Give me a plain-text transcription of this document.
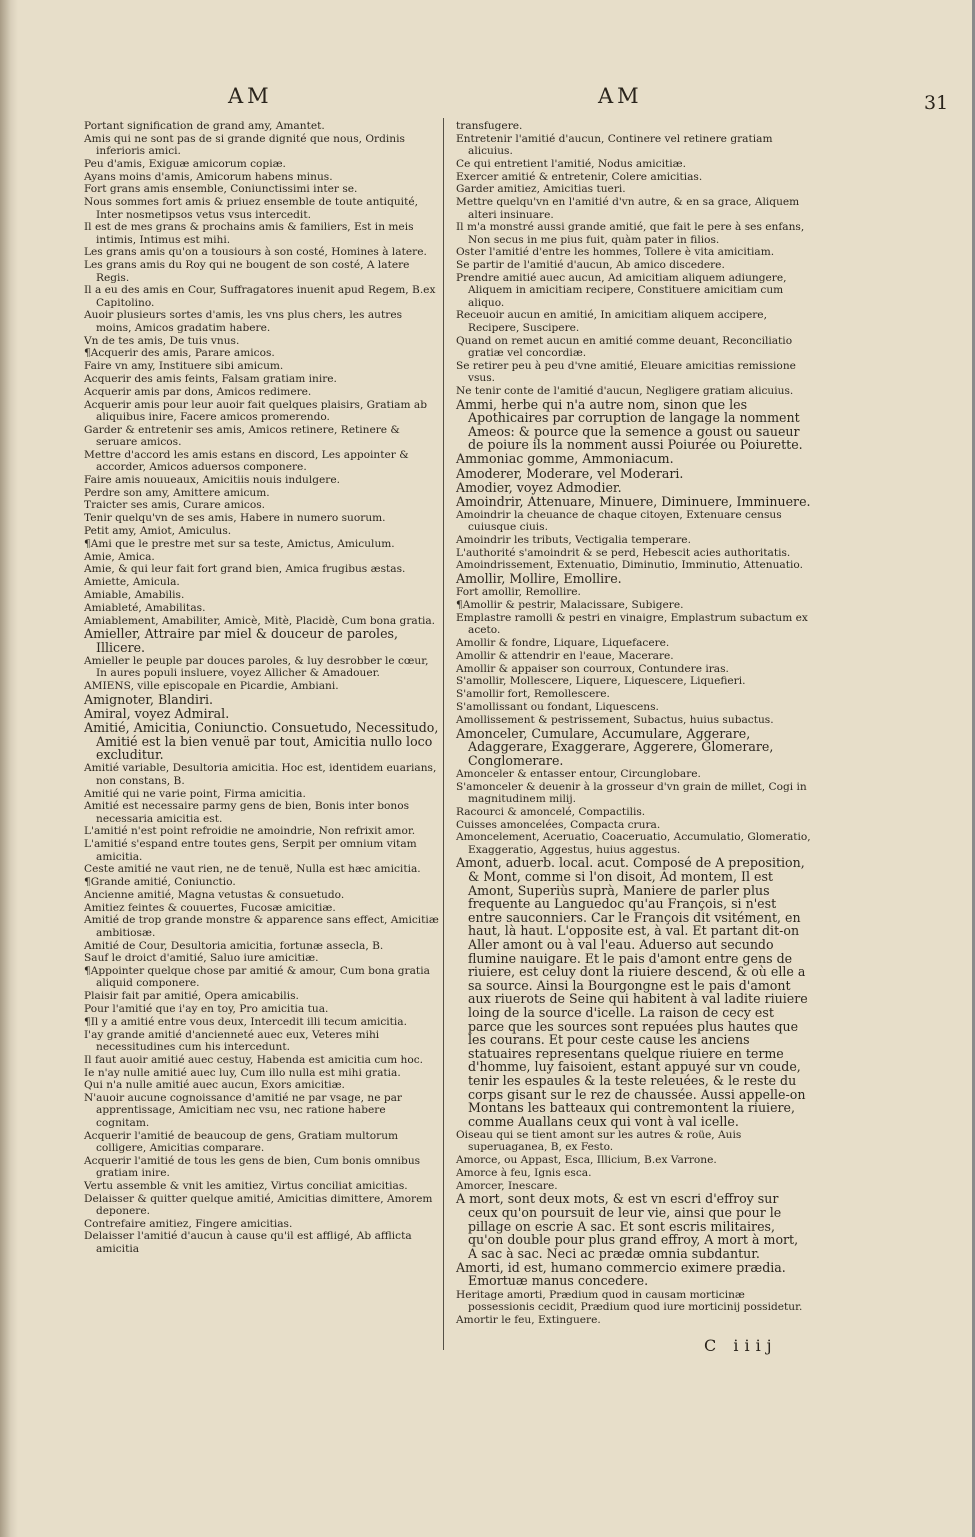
AM	AM	31
Portant signification de grand amy, Amantet.
Amis qui ne sont pas de si grande dignité que nous, Ordinis inferioris amici.
Peu d'amis, Exiguæ amicorum copiæ.
Ayans moins d'amis, Amicorum habens minus.
Fort grans amis ensemble, Coniunctissimi inter se.
Nous sommes fort amis & priuez ensemble de toute antiquité, Inter nosmetipsos vetus vsus intercedit.
Il est de mes grans & prochains amis & familiers, Est in meis intimis, Intimus est mihi.
Les grans amis qu'on a tousiours à son costé, Homines à latere.
Les grans amis du Roy qui ne bougent de son costé, A latere Regis.
Il a eu des amis en Cour, Suffragatores inuenit apud Regem, B.ex Capitolino.
Auoir plusieurs sortes d'amis, les vns plus chers, les autres moins, Amicos gradatim habere.
Vn de tes amis, De tuis vnus.
¶Acquerir des amis, Parare amicos.
Faire vn amy, Instituere sibi amicum.
Acquerir des amis feints, Falsam gratiam inire.
Acquerir amis par dons, Amicos redimere.
Acquerir amis pour leur auoir fait quelques plaisirs, Gratiam ab aliquibus inire, Facere amicos promerendo.
Garder & entretenir ses amis, Amicos retinere, Retinere & seruare amicos.
Mettre d'accord les amis estans en discord, Les appointer & accorder, Amicos aduersos componere.
Faire amis nouueaux, Amicitiis nouis indulgere.
Perdre son amy, Amittere amicum.
Traicter ses amis, Curare amicos.
Tenir quelqu'vn de ses amis, Habere in numero suorum.
Petit amy, Amiot, Amiculus.
¶Ami que le prestre met sur sa teste, Amictus, Amiculum.
Amie, Amica.
Amie, & qui leur fait fort grand bien, Amica frugibus æstas.
Amiette, Amicula.
Amiable, Amabilis.
Amiableté, Amabilitas.
Amiablement, Amabiliter, Amicè, Mitè, Placidè, Cum bona gratia.
Amieller, Attraire par miel & douceur de paroles, Illicere.
Amieller le peuple par douces paroles, & luy desrobber le cœur, In aures populi insluere, voyez Allicher & Amadouer.
AMIENS, ville episcopale en Picardie, Ambiani.
Amignoter, Blandiri.
Amiral, voyez Admiral.
Amitié, Amicitia, Coniunctio. Consuetudo, Necessitudo, Amitié est la bien venuë par tout, Amicitia nullo loco excluditur.
Amitié variable, Desultoria amicitia. Hoc est, identidem euarians, non constans, B.
Amitié qui ne varie point, Firma amicitia.
Amitié est necessaire parmy gens de bien, Bonis inter bonos necessaria amicitia est.
L'amitié n'est point refroidie ne amoindrie, Non refrixit amor.
L'amitié s'espand entre toutes gens, Serpit per omnium vitam amicitia.
Ceste amitié ne vaut rien, ne de tenuë, Nulla est hæc amicitia.
¶Grande amitié, Coniunctio.
Ancienne amitié, Magna vetustas & consuetudo.
Amitiez feintes & couuertes, Fucosæ amicitiæ.
Amitié de trop grande monstre & apparence sans effect, Amicitiæ ambitiosæ.
Amitié de Cour, Desultoria amicitia, fortunæ assecla, B.
Sauf le droict d'amitié, Saluo iure amicitiæ.
¶Appointer quelque chose par amitié & amour, Cum bona gratia aliquid componere.
Plaisir fait par amitié, Opera amicabilis.
Pour l'amitié que i'ay en toy, Pro amicitia tua.
¶Il y a amitié entre vous deux, Intercedit illi tecum amicitia.
I'ay grande amitié d'ancienneté auec eux, Veteres mihi necessitudines cum his intercedunt.
Il faut auoir amitié auec cestuy, Habenda est amicitia cum hoc.
Ie n'ay nulle amitié auec luy, Cum illo nulla est mihi gratia.
Qui n'a nulle amitié auec aucun, Exors amicitiæ.
N'auoir aucune cognoissance d'amitié ne par vsage, ne par apprentissage, Amicitiam nec vsu, nec ratione habere cognitam.
Acquerir l'amitié de beaucoup de gens, Gratiam multorum colligere, Amicitias comparare.
Acquerir l'amitié de tous les gens de bien, Cum bonis omnibus gratiam inire.
Vertu assemble & vnit les amitiez, Virtus conciliat amicitias.
Delaisser & quitter quelque amitié, Amicitias dimittere, Amorem deponere.
Contrefaire amitiez, Fingere amicitias.
Delaisser l'amitié d'aucun à cause qu'il est affligé, Ab afflicta amicitia
transfugere.
Entretenir l'amitié d'aucun, Continere vel retinere gratiam alicuius.
Ce qui entretient l'amitié, Nodus amicitiæ.
Exercer amitié & entretenir, Colere amicitias.
Garder amitiez, Amicitias tueri.
Mettre quelqu'vn en l'amitié d'vn autre, & en sa grace, Aliquem alteri insinuare.
Il m'a monstré aussi grande amitié, que fait le pere à ses enfans, Non secus in me pius fuit, quàm pater in filios.
Oster l'amitié d'entre les hommes, Tollere è vita amicitiam.
Se partir de l'amitié d'aucun, Ab amico discedere.
Prendre amitié auec aucun, Ad amicitiam aliquem adiungere, Aliquem in amicitiam recipere, Constituere amicitiam cum aliquo.
Receuoir aucun en amitié, In amicitiam aliquem accipere, Recipere, Suscipere.
Quand on remet aucun en amitié comme deuant, Reconciliatio gratiæ vel concordiæ.
Se retirer peu à peu d'vne amitié, Eleuare amicitias remissione vsus.
Ne tenir conte de l'amitié d'aucun, Negligere gratiam alicuius.
Ammi, herbe qui n'a autre nom, sinon que les Apothicaires par corruption de langage la nomment Ameos: & pource que la semence a goust ou saueur de poiure ils la nomment aussi Poiurée ou Poiurette.
Ammoniac gomme, Ammoniacum.
Amoderer, Moderare, vel Moderari.
Amodier, voyez Admodier.
Amoindrir, Attenuare, Minuere, Diminuere, Imminuere.
Amoindrir la cheuance de chaque citoyen, Extenuare census cuiusque ciuis.
Amoindrir les tributs, Vectigalia temperare.
L'authorité s'amoindrit & se perd, Hebescit acies authoritatis.
Amoindrissement, Extenuatio, Diminutio, Imminutio, Attenuatio.
Amollir, Mollire, Emollire.
Fort amollir, Remollire.
¶Amollir & pestrir, Malacissare, Subigere.
Emplastre ramolli & pestri en vinaigre, Emplastrum subactum ex aceto.
Amollir & fondre, Liquare, Liquefacere.
Amollir & attendrir en l'eaue, Macerare.
Amollir & appaiser son courroux, Contundere iras.
S'amollir, Mollescere, Liquere, Liquescere, Liquefieri.
S'amollir fort, Remollescere.
S'amollissant ou fondant, Liquescens.
Amollissement & pestrissement, Subactus, huius subactus.
Amonceler, Cumulare, Accumulare, Aggerare, Adaggerare, Exaggerare, Aggerere, Glomerare, Conglomerare.
Amonceler & entasser entour, Circunglobare.
S'amonceler & deuenir à la grosseur d'vn grain de millet, Cogi in magnitudinem milij.
Racourci & amoncelé, Compactilis.
Cuisses amoncelées, Compacta crura.
Amoncelement, Aceruatio, Coaceruatio, Accumulatio, Glomeratio, Exaggeratio, Aggestus, huius aggestus.
Amont, aduerb. local. acut. Composé de A preposition, & Mont, comme si l'on disoit, Ad montem, Il est Amont, Superiùs suprà, Maniere de parler plus frequente au Languedoc qu'au François, si n'est entre sauconniers. Car le François dit vsitément, en haut, là haut. L'opposite est, à val. Et partant dit-on Aller amont ou à val l'eau. Aduerso aut secundo flumine nauigare. Et le pais d'amont entre gens de riuiere, est celuy dont la riuiere descend, & où elle a sa source. Ainsi la Bourgongne est le pais d'amont aux riuerots de Seine qui habitent à val ladite riuiere loing de la source d'icelle. La raison de cecy est parce que les sources sont repuées plus hautes que les courans. Et pour ceste cause les anciens statuaires representans quelque riuiere en terme d'homme, luy faisoient, estant appuyé sur vn coude, tenir les espaules & la teste releuées, & le reste du corps gisant sur le rez de chaussée. Aussi appelle-on Montans les batteaux qui contremontent la riuiere, comme Auallans ceux qui vont à val icelle.
Oiseau qui se tient amont sur les autres & roüe, Auis superuaganea, B, ex Festo.
Amorce, ou Appast, Esca, Illicium, B.ex Varrone.
Amorce à feu, Ignis esca.
Amorcer, Inescare.
A mort, sont deux mots, & est vn escri d'effroy sur ceux qu'on poursuit de leur vie, ainsi que pour le pillage on escrie A sac. Et sont escris militaires, qu'on double pour plus grand effroy, A mort à mort, A sac à sac. Neci ac prædæ omnia subdantur.
Amorti, id est, humano commercio eximere prædia. Emortuæ manus concedere.
Heritage amorti, Prædium quod in causam morticinæ possessionis cecidit, Prædium quod iure morticinij possidetur.
Amortir le feu, Extinguere.
C iiij
